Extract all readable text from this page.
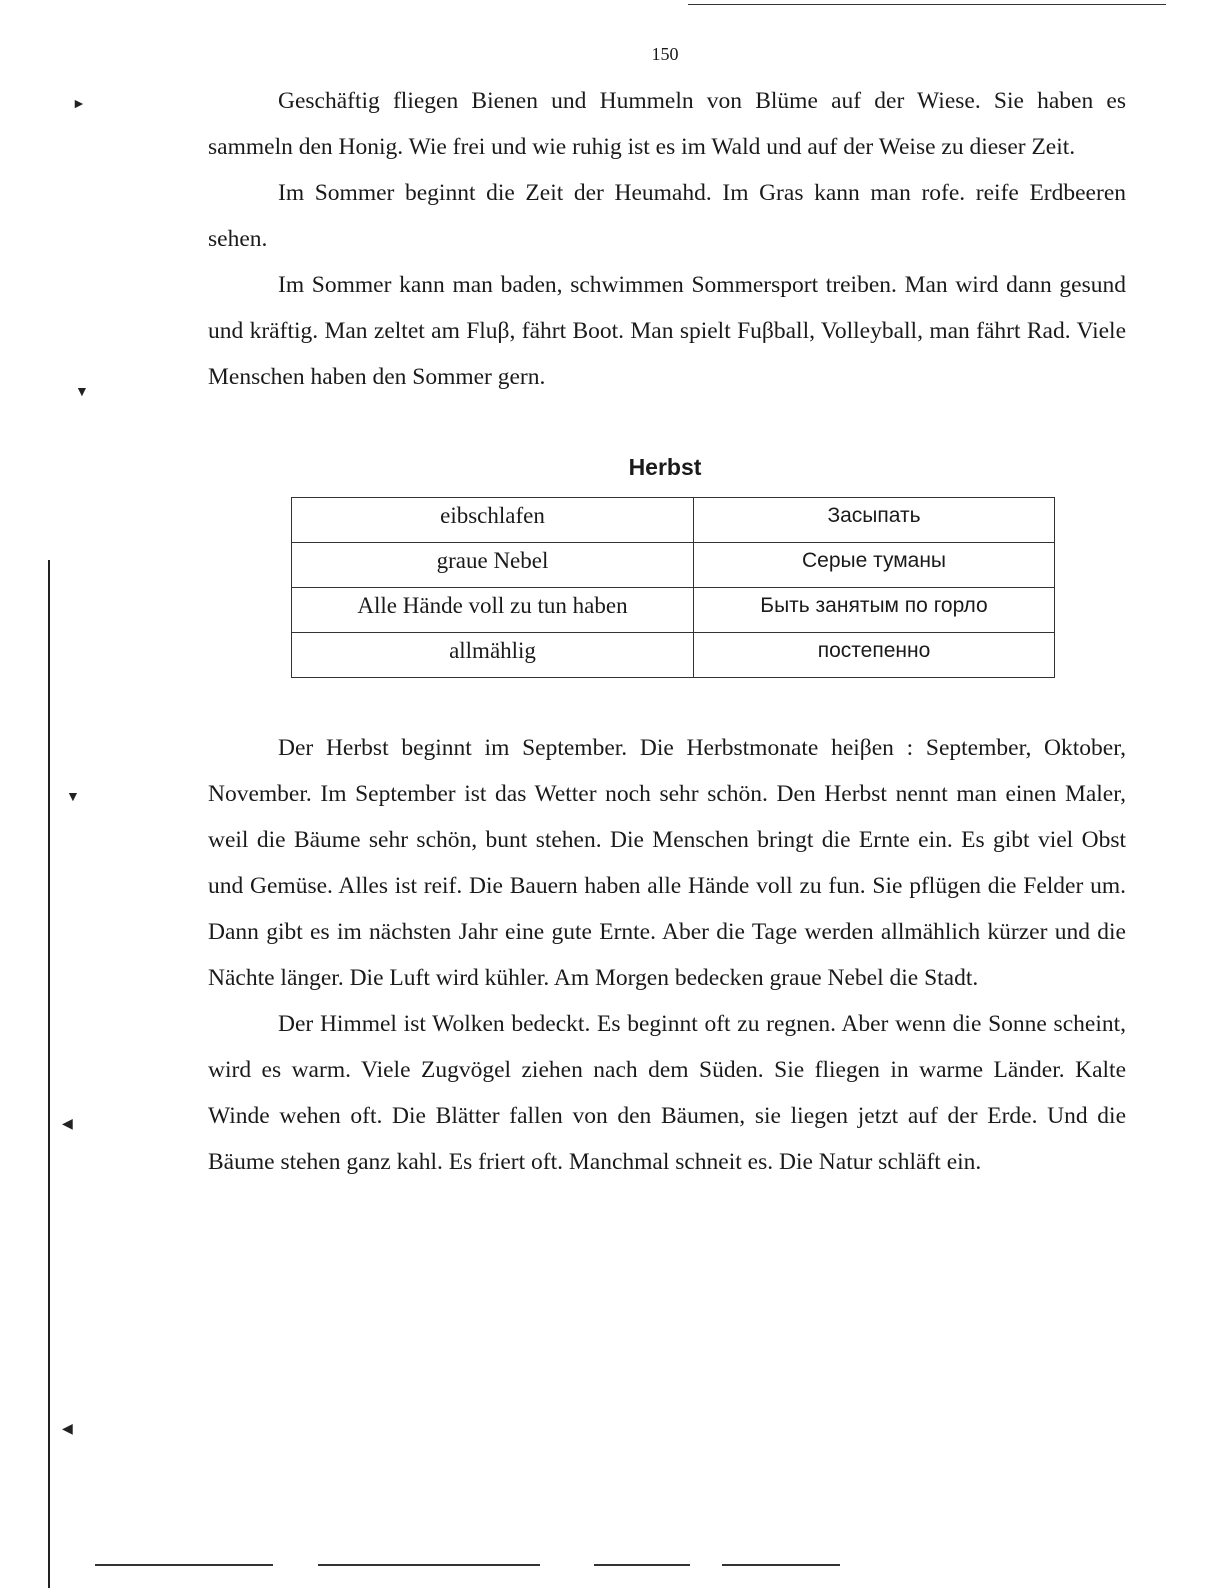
150
►
▼
▼
◀
◀

Geschäftig fliegen Bienen und Hummeln von Blüme auf der Wiese. Sie haben es sammeln den Honig. Wie frei und wie ruhig ist es im Wald und auf der Weise zu dieser Zeit.

Im Sommer beginnt die Zeit der Heumahd. Im Gras kann man rofe. reife Erdbeeren sehen.

Im Sommer kann man baden, schwimmen Sommersport treiben. Man wird dann gesund und kräftig. Man zeltet am Fluβ, fährt Boot. Man spielt Fuβball, Volleyball, man fährt Rad. Viele Menschen haben den Sommer gern.

Herbst
eibschlafen	Засыпать
graue Nebel	Серые туманы
Alle Hände voll zu tun haben	Быть занятым по горло
allmählig	постепенно

Der Herbst beginnt im September. Die Herbstmonate heiβen : September, Oktober, November. Im September ist das Wetter noch sehr schön. Den Herbst nennt man einen Maler, weil die Bäume sehr schön, bunt stehen. Die Menschen bringt die Ernte ein. Es gibt viel Obst und Gemüse. Alles ist reif. Die Bauern haben alle Hände voll zu fun. Sie pflügen die Felder um. Dann gibt es im nächsten Jahr eine gute Ernte. Aber die Tage werden allmählich kürzer und die Nächte länger. Die Luft wird kühler. Am Morgen bedecken graue Nebel die Stadt.

Der Himmel ist Wolken bedeckt. Es beginnt oft zu regnen. Aber wenn die Sonne scheint, wird es warm. Viele Zugvögel ziehen nach dem Süden. Sie fliegen in warme Länder. Kalte Winde wehen oft. Die Blätter fallen von den Bäumen, sie liegen jetzt auf der Erde. Und die Bäume stehen ganz kahl. Es friert oft. Manchmal schneit es. Die Natur schläft ein.
